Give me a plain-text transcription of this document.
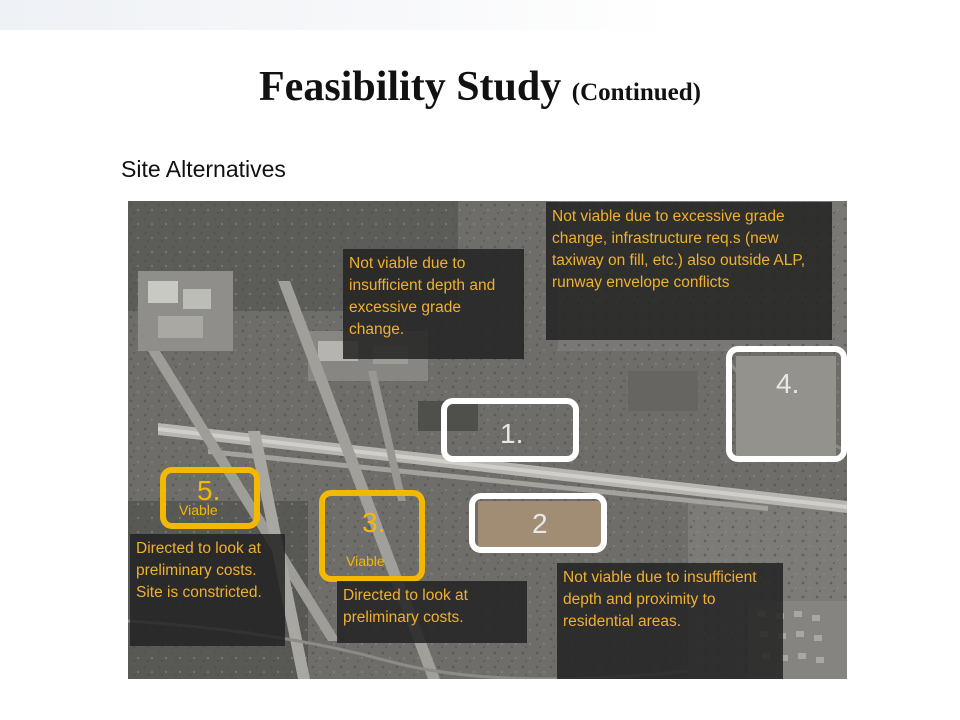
Feasibility Study (Continued)
Site Alternatives
1.
2
3.
4.
5.
Viable
Viable
Not viable due to insufficient depth and excessive grade change.
Not viable due to excessive grade change, infrastructure req.s (new taxiway on fill, etc.) also outside ALP, runway envelope conflicts
Directed to look at preliminary costs. Site is constricted.	Directed to look at preliminary costs.
Not viable due to insufficient depth and proximity to residential areas.
